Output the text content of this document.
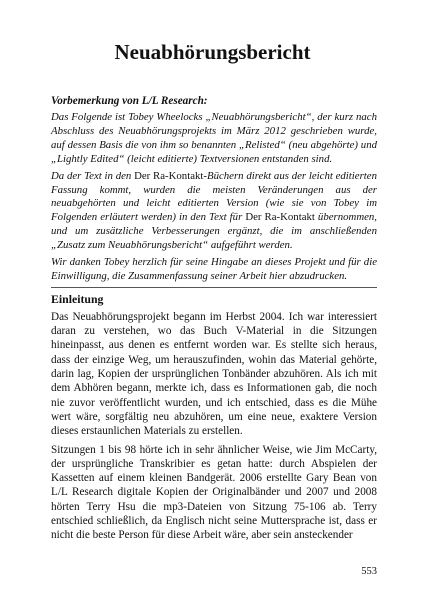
Neuabhörungsbericht
Vorbemerkung von L/L Research:

Das Folgende ist Tobey Wheelocks „Neuabhörungsbericht“, der kurz nach Abschluss des Neuabhörungsprojekts im März 2012 geschrieben wurde, auf dessen Basis die von ihm so benannten „Relisted“ (neu abgehörte) und „Lightly Edited“ (leicht editierte) Textversionen entstanden sind.

Da der Text in den Der Ra-Kontakt-Büchern direkt aus der leicht editierten Fassung kommt, wurden die meisten Veränderungen aus der neuabgehörten und leicht editierten Version (wie sie von Tobey im Folgenden erläutert werden) in den Text für Der Ra-Kontakt übernommen, und um zusätzliche Verbesserungen ergänzt, die im anschließenden „Zusatz zum Neuabhörungsbericht“ aufgeführt werden.

Wir danken Tobey herzlich für seine Hingabe an dieses Projekt und für die Einwilligung, die Zusammenfassung seiner Arbeit hier abzudrucken.

Einleitung

Das Neuabhörungsprojekt begann im Herbst 2004. Ich war interessiert daran zu verstehen, wo das Buch V-Material in die Sitzungen hineinpasst, aus denen es entfernt worden war. Es stellte sich heraus, dass der einzige Weg, um herauszufinden, wohin das Material gehörte, darin lag, Kopien der ursprünglichen Tonbänder abzuhören. Als ich mit dem Abhören begann, merkte ich, dass es Informationen gab, die noch nie zuvor veröffentlicht wurden, und ich entschied, dass es die Mühe wert wäre, sorgfältig neu abzuhören, um eine neue, exaktere Version dieses erstaunlichen Materials zu erstellen.

Sitzungen 1 bis 98 hörte ich in sehr ähnlicher Weise, wie Jim McCarty, der ursprüngliche Transkribier es getan hatte: durch Abspielen der Kassetten auf einem kleinen Bandgerät. 2006 erstellte Gary Bean von L/L Research digitale Kopien der Originalbänder und 2007 und 2008 hörten Terry Hsu die mp3-Dateien von Sitzung 75-106 ab. Terry entschied schließlich, da Englisch nicht seine Muttersprache ist, dass er nicht die beste Person für diese Arbeit wäre, aber sein ansteckender

553
